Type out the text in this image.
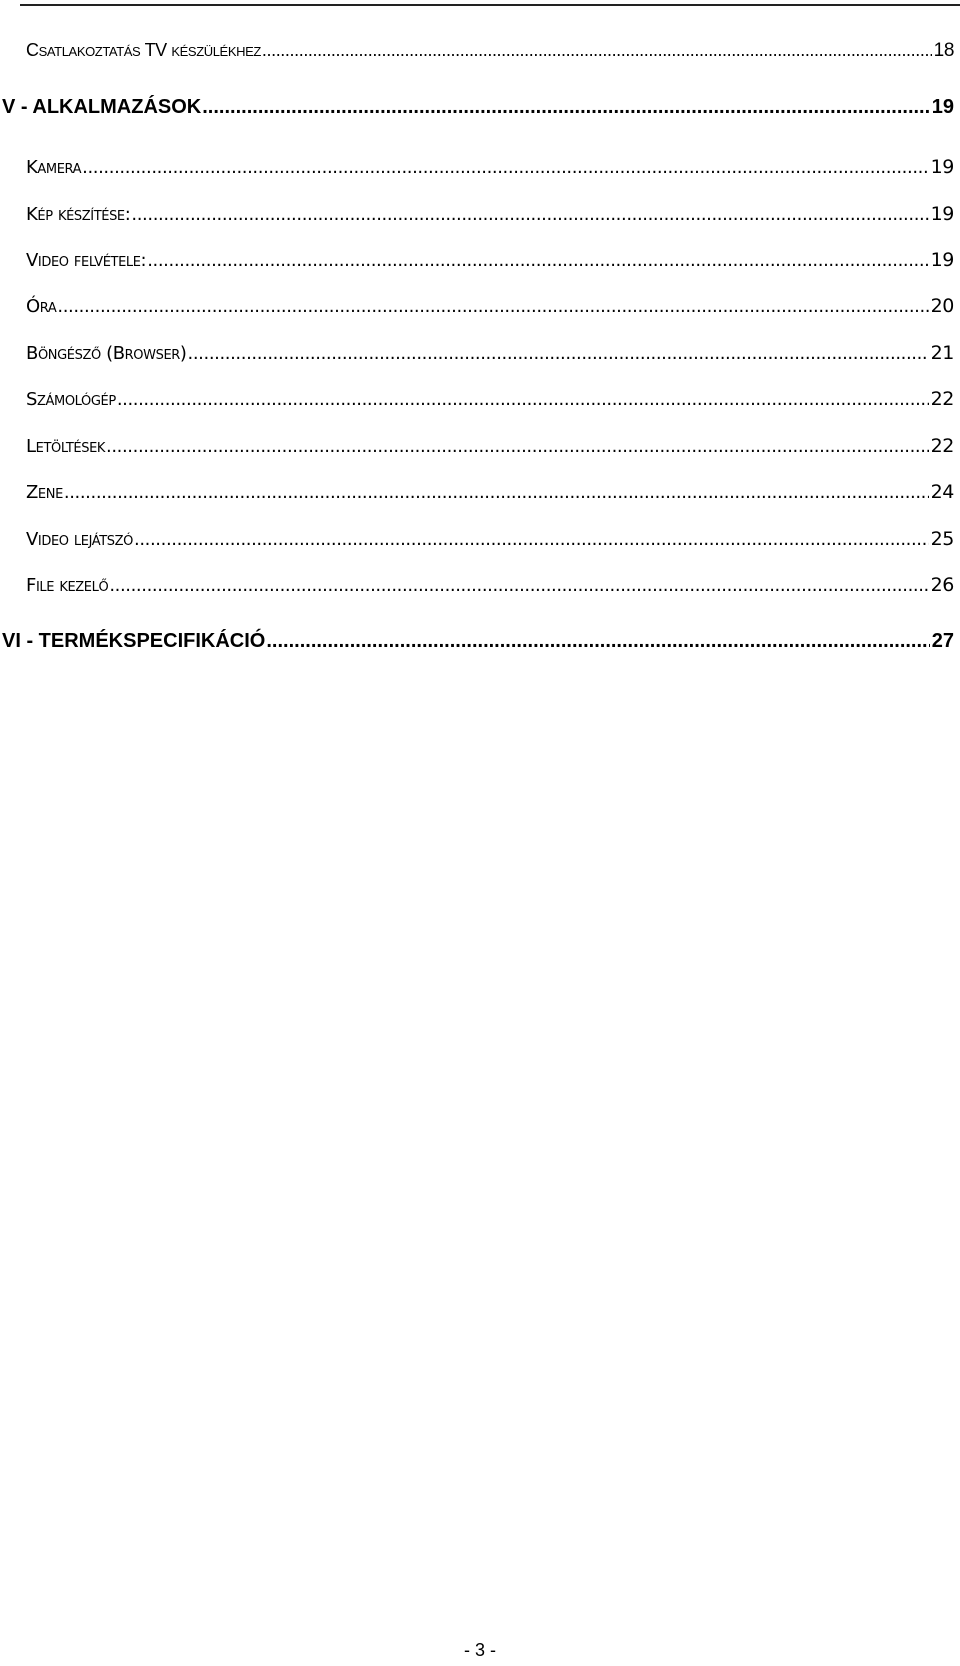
Csatlakoztatás TV készülékhez .....	18
V - ALKALMAZÁSOK .....	19
Kamera .....	19
Kép készítése: .....	19
Video felvétele: .....	19
Óra .....	20
Böngésző (Browser) .....	21
Számológép .....	22
Letöltések .....	22
Zene .....	24
Video lejátszó .....	25
File kezelő .....	26
VI - TERMÉKSPECIFIKÁCIÓ .....	27
- 3 -
